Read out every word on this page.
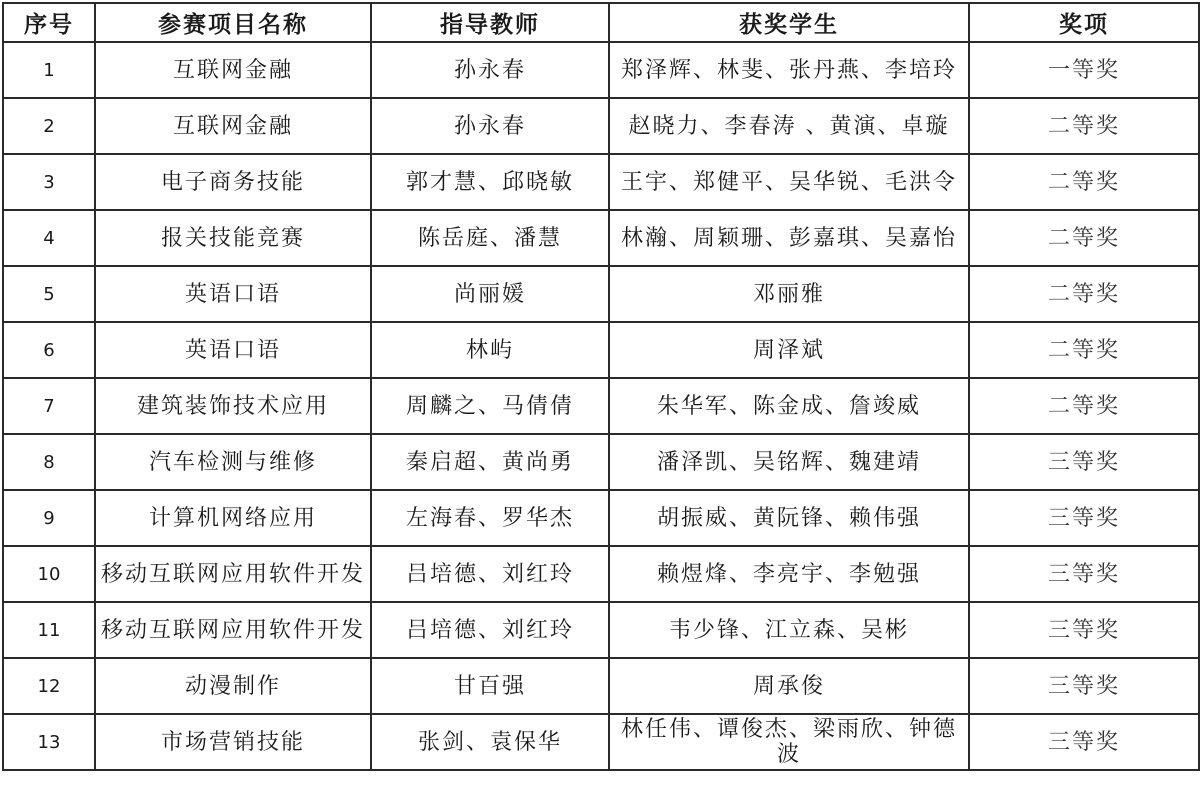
序号	参赛项目名称	指导教师	获奖学生	奖项
1	互联网金融	孙永春	郑泽辉、林斐、张丹燕、李培玲	一等奖
2	互联网金融	孙永春	赵晓力、李春涛 、黄演、卓璇	二等奖
3	电子商务技能	郭才慧、邱晓敏	王宇、郑健平、吴华锐、毛洪令	二等奖
4	报关技能竞赛	陈岳庭、潘慧	林瀚、周颖珊、彭嘉琪、吴嘉怡	二等奖
5	英语口语	尚丽媛	邓丽雅	二等奖
6	英语口语	林屿	周泽斌	二等奖
7	建筑装饰技术应用	周麟之、马倩倩	朱华军、陈金成、詹竣威	二等奖
8	汽车检测与维修	秦启超、黄尚勇	潘泽凯、吴铭辉、魏建靖	三等奖
9	计算机网络应用	左海春、罗华杰	胡振威、黄阮锋、赖伟强	三等奖
10	移动互联网应用软件开发	吕培德、刘红玲	赖煜烽、李亮宇、李勉强	三等奖
11	移动互联网应用软件开发	吕培德、刘红玲	韦少锋、江立森、吴彬	三等奖
12	动漫制作	甘百强	周承俊	三等奖
13	市场营销技能	张剑、袁保华	林任伟、谭俊杰、梁雨欣、钟德波	三等奖
